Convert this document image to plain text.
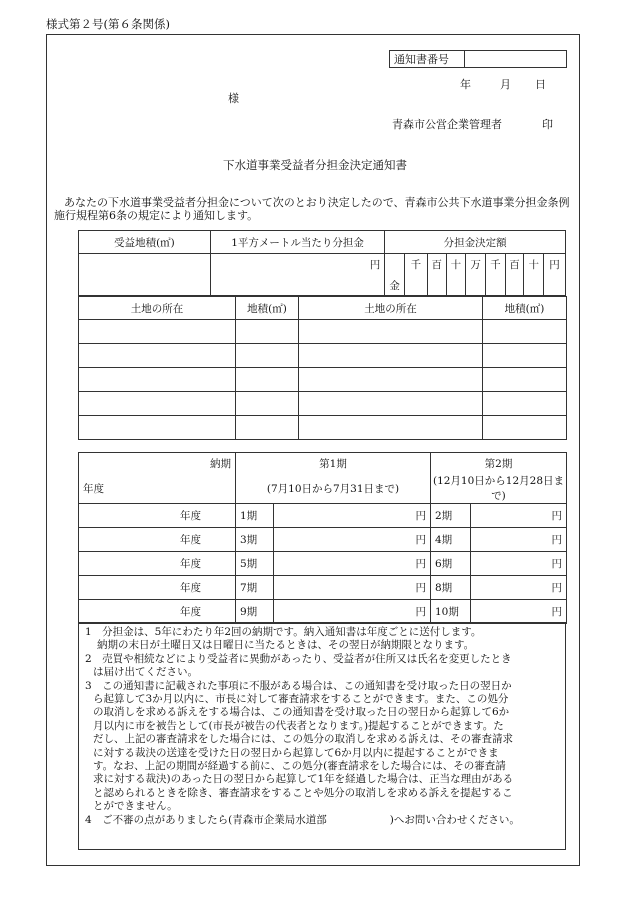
様式第２号(第６条関係)
通知書番号
年	月 日
様
青森市公営企業管理者	印
下水道事業受益者分担金決定通知書
あなたの下水道事業受益者分担金について次のとおり決定したので、青森市公共下水道事業分担金条例施行規程第6条の規定により通知します。
受益地積(㎡)	1平方メートル当たり分担金	分担金決定額								
	円	金	千	百	十	万	千	百	十	円
土地の所在	地積(㎡)	土地の所在	地積(㎡)

納期	第1期		第2期	
年度	(7月10日から7月31日まで)		(12月10日から12月28日まで)	
年度	1期	円	2期	円
年度	3期	円	4期	円
年度	5期	円	6期	円
年度	7期	円	8期	円
年度	9期	円	10期	円
1　分担金は、5年にわたり年2回の納期です。納入通知書は年度ごとに送付します。
納期の末日が土曜日又は日曜日に当たるときは、その翌日が納期限となります。
2　売買や相続などにより受益者に異動があったり、受益者が住所又は氏名を変更したとき
は届け出てください。
3　この通知書に記載された事項に不服がある場合は、この通知書を受け取った日の翌日か
ら起算して3か月以内に、市長に対して審査請求をすることができます。また、この処分
の取消しを求める訴えをする場合は、この通知書を受け取った日の翌日から起算して6か
月以内に市を被告として(市長が被告の代表者となります。)提起することができます。た
だし、上記の審査請求をした場合には、この処分の取消しを求める訴えは、その審査請求
に対する裁決の送達を受けた日の翌日から起算して6か月以内に提起することができま
す。なお、上記の期間が経過する前に、この処分(審査請求をした場合には、その審査請
求に対する裁決)のあった日の翌日から起算して1年を経過した場合は、正当な理由がある
と認められるときを除き、審査請求をすることや処分の取消しを求める訴えを提起するこ
とができません。
4　ご不審の点がありましたら(青森市企業局水道部　　　　　　)へお問い合わせください。
